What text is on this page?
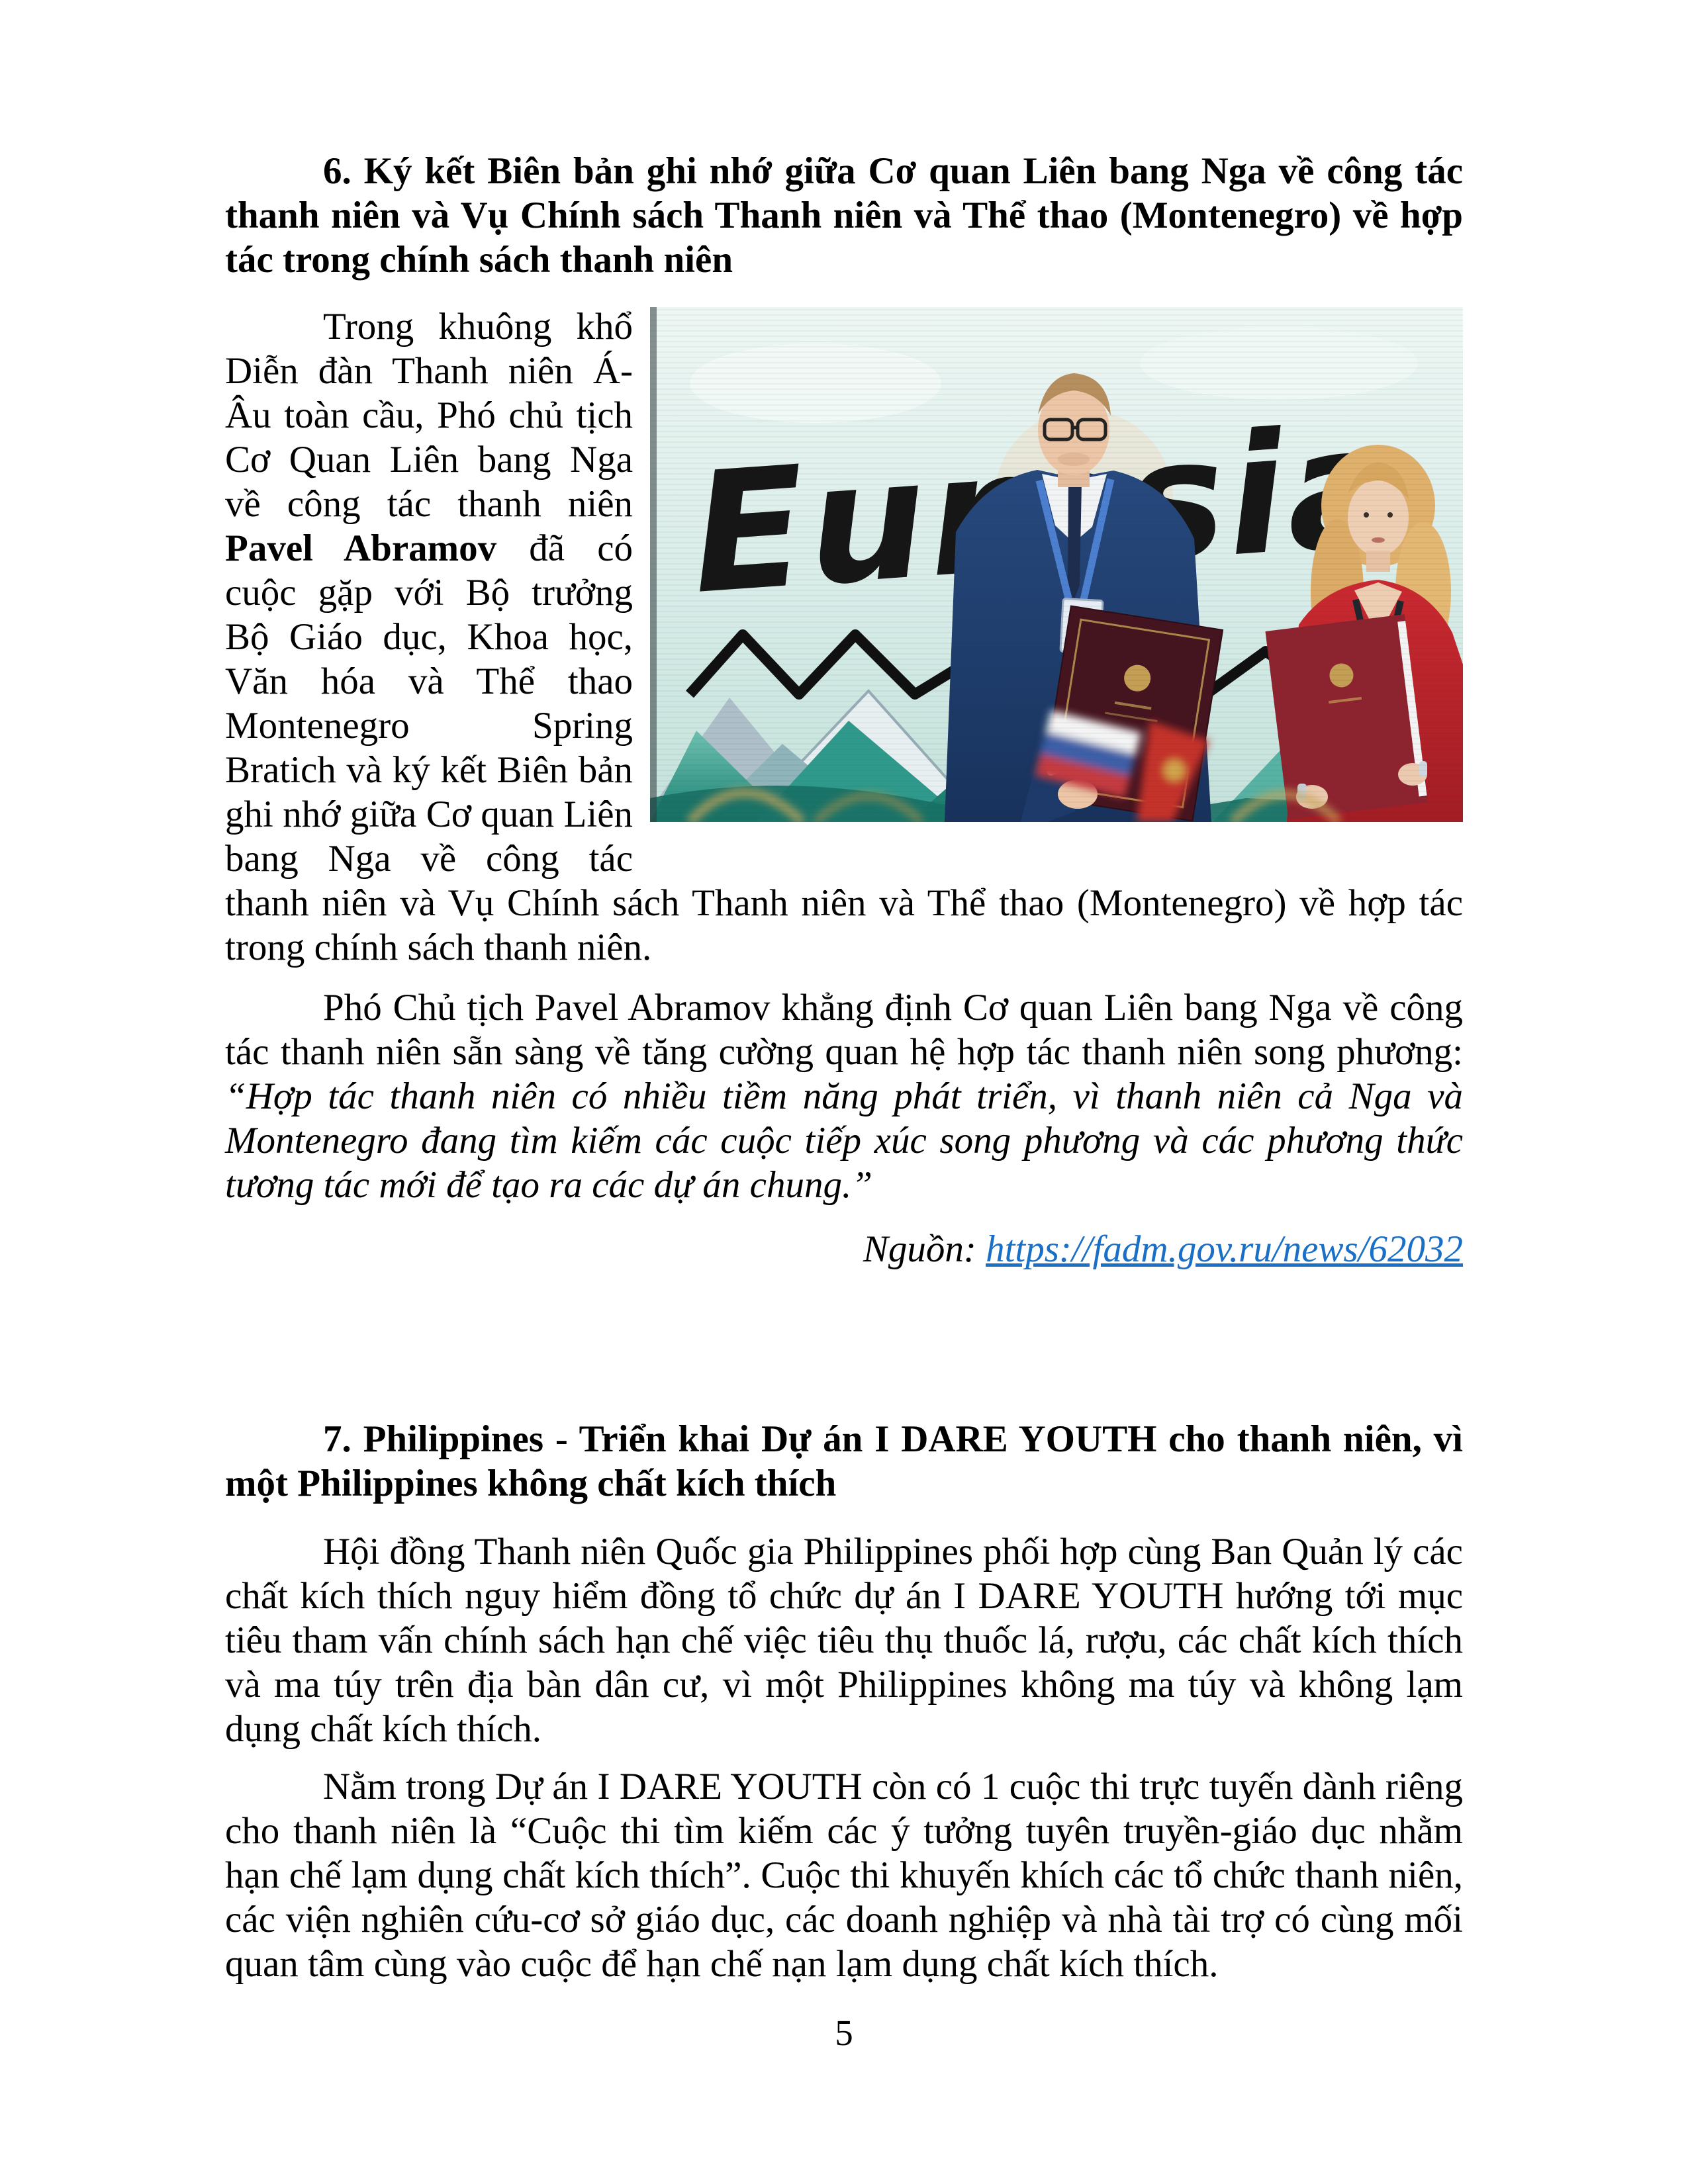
6. Ký kết Biên bản ghi nhớ giữa Cơ quan Liên bang Nga về công tác thanh niên và Vụ Chính sách Thanh niên và Thể thao (Montenegro) về hợp tác trong chính sách thanh niên
Trong khuông khổ Diễn đàn Thanh niên Á-Âu toàn cầu, Phó chủ tịch Cơ Quan Liên bang Nga về công tác thanh niên Pavel Abramov đã có cuộc gặp với Bộ trưởng Bộ Giáo dục, Khoa học, Văn hóa và Thể thao Montenegro Spring Bratich và ký kết Biên bản ghi nhớ giữa Cơ quan Liên bang Nga về công tác thanh niên và Vụ Chính sách Thanh niên và Thể thao (Montenegro) về hợp tác trong chính sách thanh niên.
Phó Chủ tịch Pavel Abramov khẳng định Cơ quan Liên bang Nga về công tác thanh niên sẵn sàng về tăng cường quan hệ hợp tác thanh niên song phương: “Hợp tác thanh niên có nhiều tiềm năng phát triển, vì thanh niên cả Nga và Montenegro đang tìm kiếm các cuộc tiếp xúc song phương và các phương thức tương tác mới để tạo ra các dự án chung.”
Nguồn: https://fadm.gov.ru/news/62032
7. Philippines - Triển khai Dự án I DARE YOUTH cho thanh niên, vì một Philippines không chất kích thích
Hội đồng Thanh niên Quốc gia Philippines phối hợp cùng Ban Quản lý các chất kích thích nguy hiểm đồng tổ chức dự án I DARE YOUTH hướng tới mục tiêu tham vấn chính sách hạn chế việc tiêu thụ thuốc lá, rượu, các chất kích thích và ma túy trên địa bàn dân cư, vì một Philippines không ma túy và không lạm dụng chất kích thích.
Nằm trong Dự án I DARE YOUTH còn có 1 cuộc thi trực tuyến dành riêng cho thanh niên là “Cuộc thi tìm kiếm các ý tưởng tuyên truyền-giáo dục nhằm hạn chế lạm dụng chất kích thích”. Cuộc thi khuyến khích các tổ chức thanh niên, các viện nghiên cứu-cơ sở giáo dục, các doanh nghiệp và nhà tài trợ có cùng mối quan tâm cùng vào cuộc để hạn chế nạn lạm dụng chất kích thích.
5
